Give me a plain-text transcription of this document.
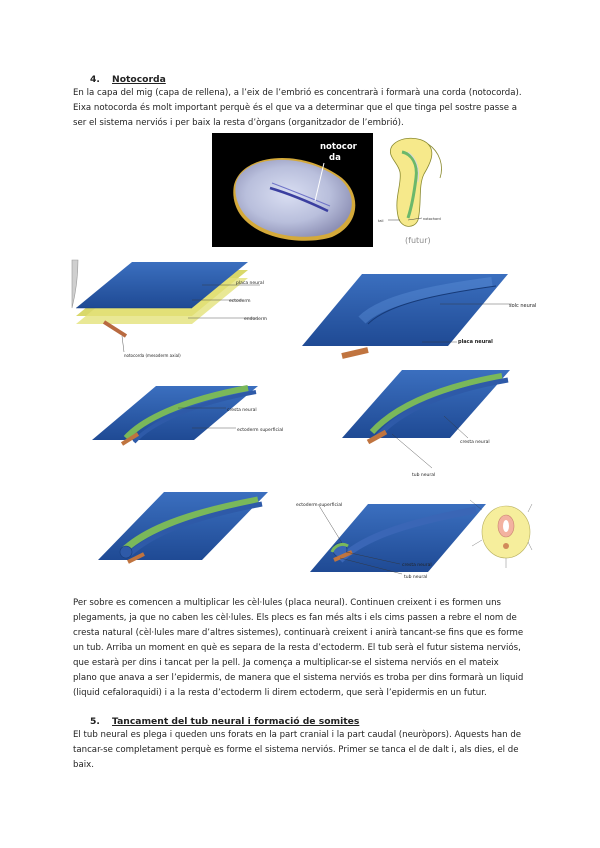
4. Notocorda
En la capa del mig (capa de rellena), a l’eix de l’embrió es concentrarà i formarà una corda (notocorda).
Eixa notocorda és molt important perquè és el que va a determinar que el que tinga pel sostre passe a
ser el sistema nerviós i per baix la resta d’òrgans (organitzador de l’embrió).
notocor
da
tail	notochord
(futur)
placa neural
ectoderm
endoderm
notocorda (mesoderm axial)
solc neural
placa neural
cresta neural
ectoderm superficial
cresta neural
tub neural
ectoderm superficial
cresta neural
tub neural
Per sobre es comencen a multiplicar les cèl·lules (placa neural). Continuen creixent i es formen uns
plegaments, ja que no caben les cèl·lules. Els plecs es fan més alts i els cims passen a rebre el nom de
cresta natural (cèl·lules mare d’altres sistemes), continuarà creixent i anirà tancant-se fins que es forme
un tub. Arriba un moment en què es separa de la resta d’ectoderm. El tub serà el futur sistema nerviós,
que estarà per dins i tancat per la pell. Ja comença a multiplicar-se el sistema nerviós en el mateix
plano que anava a ser l’epidermis, de manera que el sistema nerviós es troba per dins formarà un liquid
(liquid cefaloraquidi) i a la resta d’ectoderm li direm ectoderm, que serà l’epidermis en un futur.
5. Tancament del tub neural i formació de somites
El tub neural es plega i queden uns forats en la part cranial i la part caudal (neuròpors). Aquests han de
tancar-se completament perquè es forme el sistema nerviós. Primer se tanca el de dalt i, als dies, el de
baix.
